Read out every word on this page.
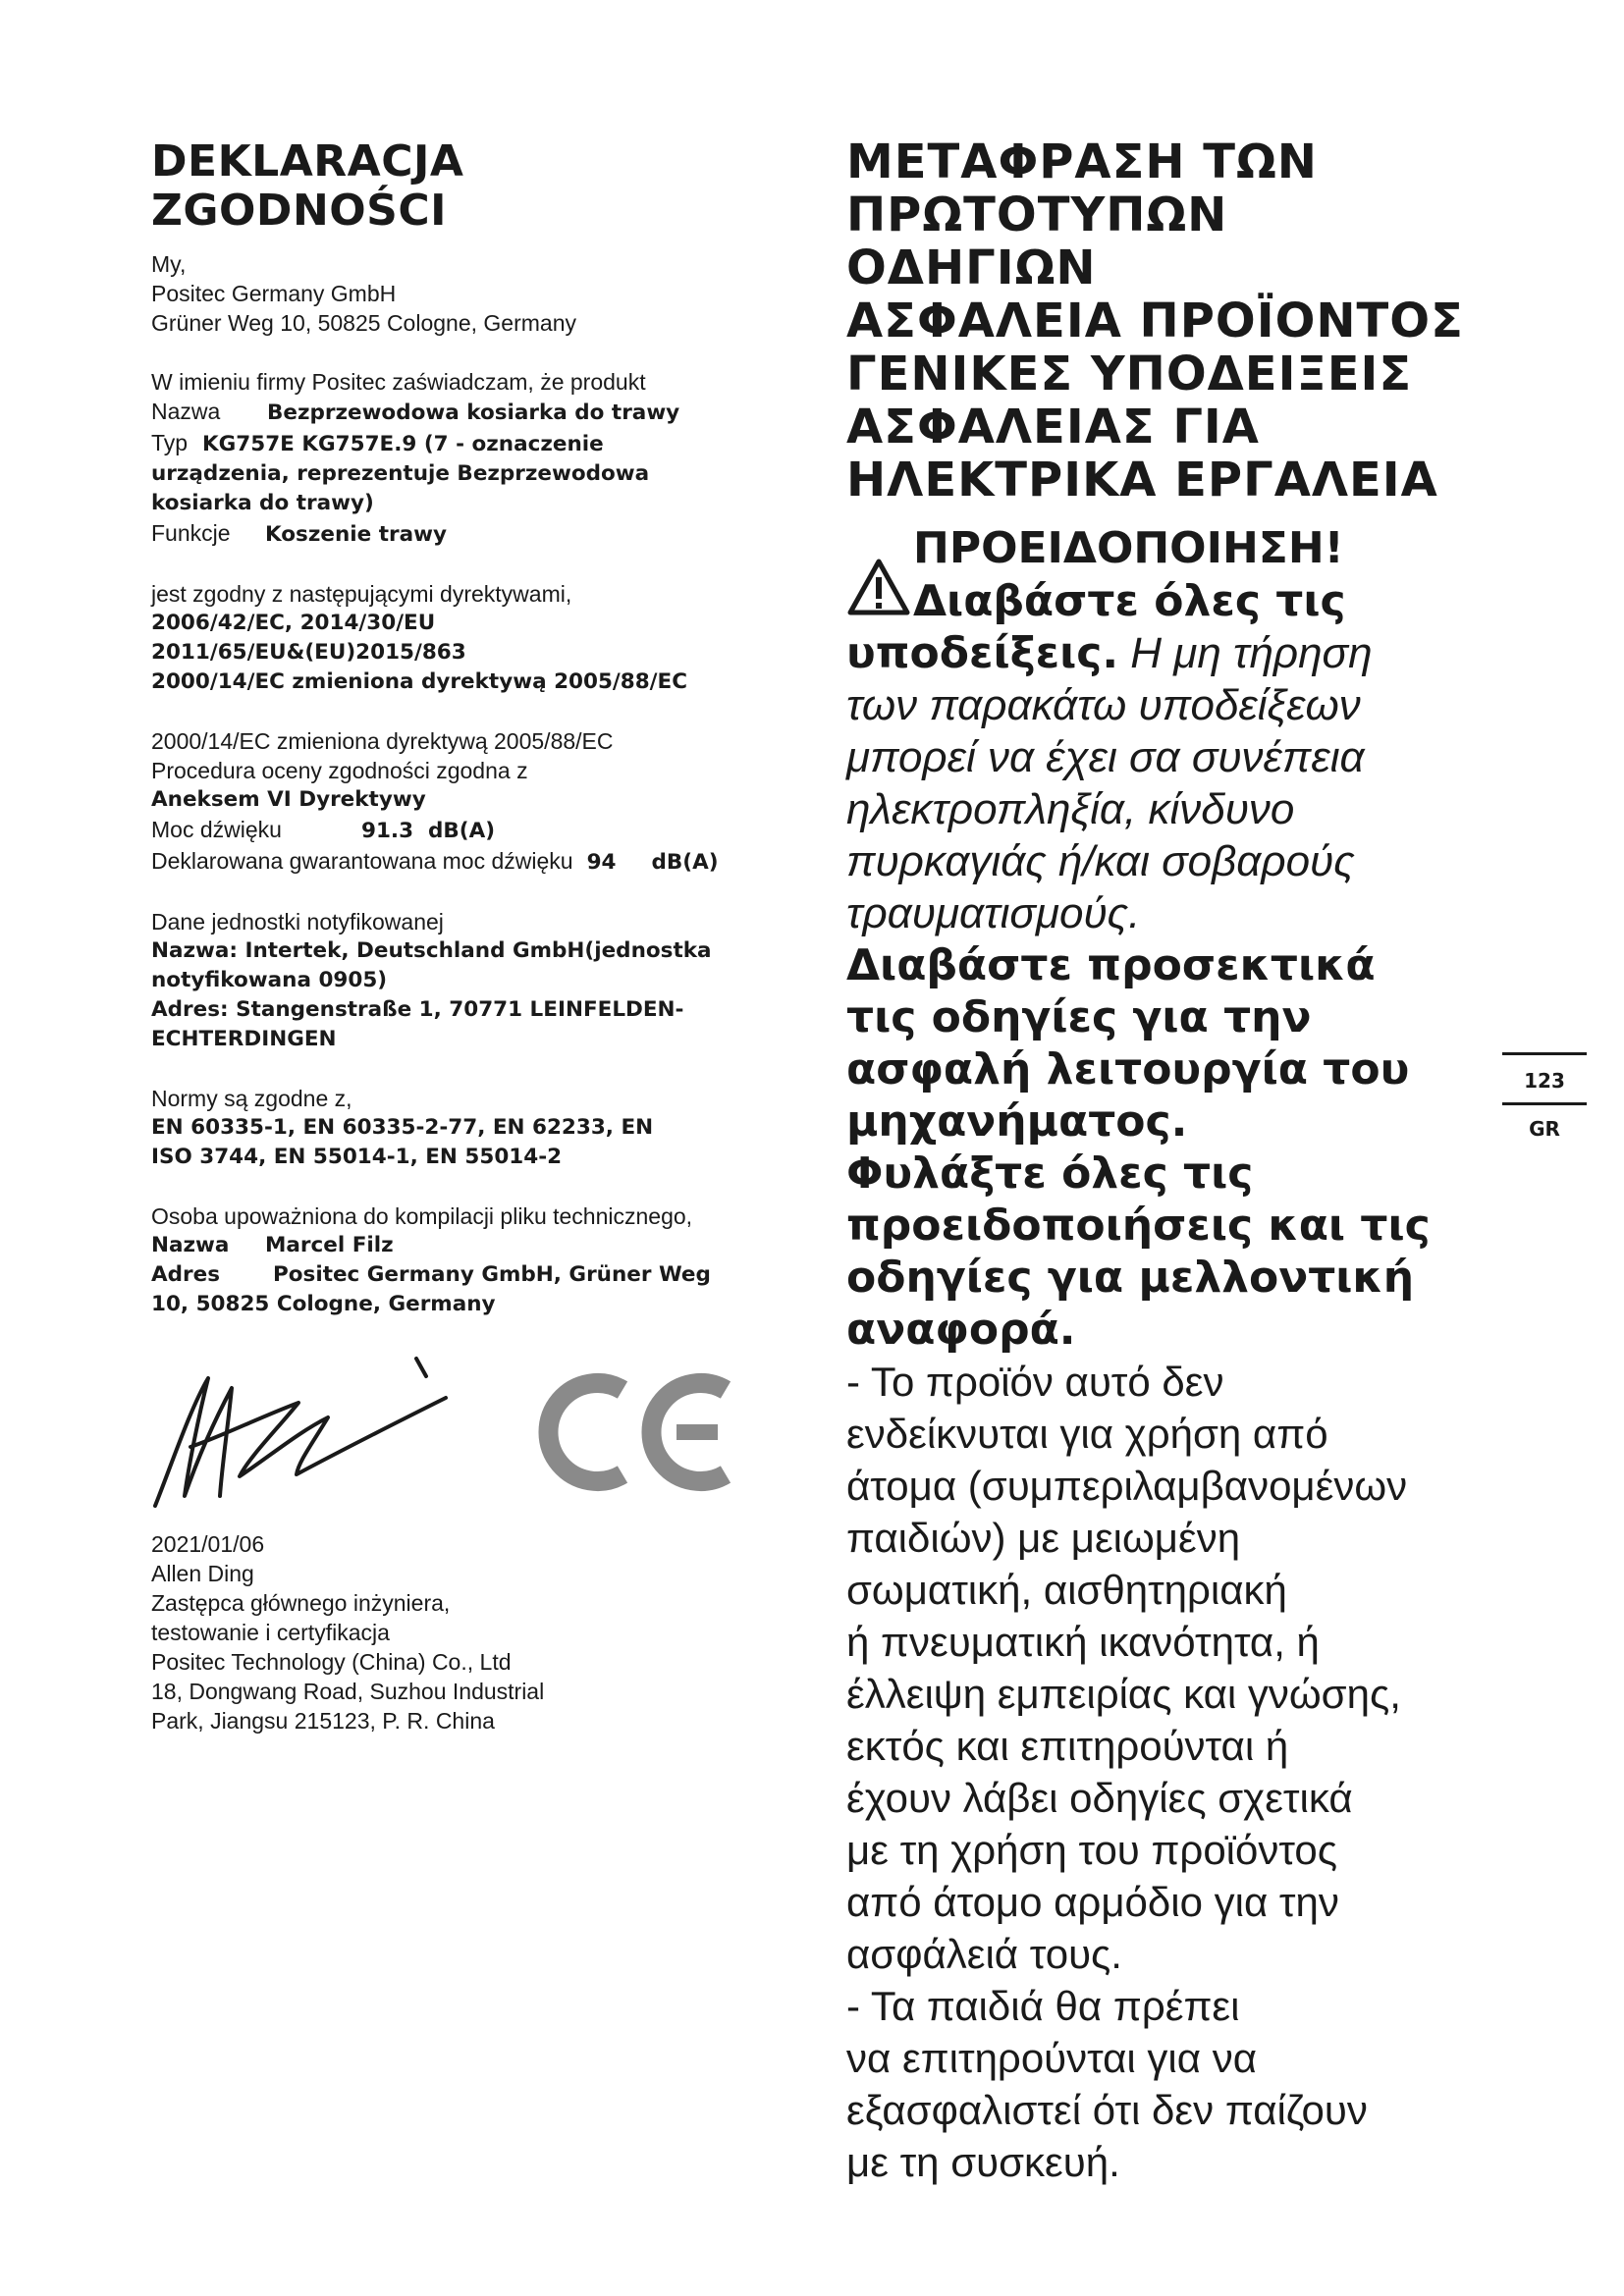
DEKLARACJA
ZGODNOŚCI
My,
Positec Germany GmbH
Grüner Weg 10, 50825 Cologne, Germany
W imieniu firmy Positec zaświadczam, że produkt
Nazwa Bezprzewodowa kosiarka do trawy
Typ KG757E KG757E.9 (7 - oznaczenie
urządzenia, reprezentuje Bezprzewodowa
kosiarka do trawy)
Funkcje Koszenie trawy
jest zgodny z następującymi dyrektywami,
2006/42/EC, 2014/30/EU
2011/65/EU&(EU)2015/863
2000/14/EC zmieniona dyrektywą 2005/88/EC
2000/14/EC zmieniona dyrektywą 2005/88/EC
Procedura oceny zgodności zgodna z
Aneksem VI Dyrektywy
Moc dźwięku	91.3  dB(A)
Deklarowana gwarantowana moc dźwięku 94 dB(A)
Dane jednostki notyfikowanej
Nazwa: Intertek, Deutschland GmbH(jednostka
notyfikowana 0905)
Adres: Stangenstraße 1, 70771 LEINFELDEN-
ECHTERDINGEN
Normy są zgodne z,
EN 60335-1, EN 60335-2-77, EN 62233, EN
ISO 3744, EN 55014-1, EN 55014-2
Osoba upoważniona do kompilacji pliku technicznego,
Nazwa Marcel Filz
Adres	Positec Germany GmbH, Grüner Weg
10, 50825 Cologne, Germany
2021/01/06
Allen Ding
Zastępca głównego inżyniera,
testowanie i certyfikacja
Positec Technology (China) Co., Ltd
18, Dongwang Road, Suzhou Industrial
Park, Jiangsu 215123, P. R. China
ΜΕΤΑΦΡΑΣΗ ΤΩΝ
ΠΡΩΤΟΤΥΠΩΝ ΟΔΗΓΙΩΝ
ΑΣΦΑΛΕΙΑ ΠΡΟΪΟΝΤΟΣ
ΓΕΝΙΚΕΣ ΥΠΟΔΕΙΞΕΙΣ
ΑΣΦΑΛΕΙΑΣ ΓΙΑ
ΗΛΕΚΤΡΙΚΑ ΕΡΓΑΛΕΙΑ
ΠΡΟΕΙΔΟΠΟΙΗΣΗ!
Διαβάστε όλες τις
υποδείξεις. Η μη τήρηση
των παρακάτω υποδείξεων
μπορεί να έχει σα συνέπεια
ηλεκτροπληξία, κίνδυνο
πυρκαγιάς ή/και σοβαρούς
τραυματισμούς.
Διαβάστε προσεκτικά
τις οδηγίες για την
ασφαλή λειτουργία του
μηχανήματος.
Φυλάξτε όλες τις
προειδοποιήσεις και τις
οδηγίες για μελλοντική
αναφορά.
- Το προϊόν αυτό δεν
ενδείκνυται για χρήση από
άτομα (συμπεριλαμβανομένων
παιδιών) με μειωμένη
σωματική, αισθητηριακή
ή πνευματική ικανότητα, ή
έλλειψη εμπειρίας και γνώσης,
εκτός και επιτηρούνται ή
έχουν λάβει οδηγίες σχετικά
με τη χρήση του προϊόντος
από άτομο αρμόδιο για την
ασφάλειά τους.
- Τα παιδιά θα πρέπει
να επιτηρούνται για να
εξασφαλιστεί ότι δεν παίζουν
με τη συσκευή.
123
GR
